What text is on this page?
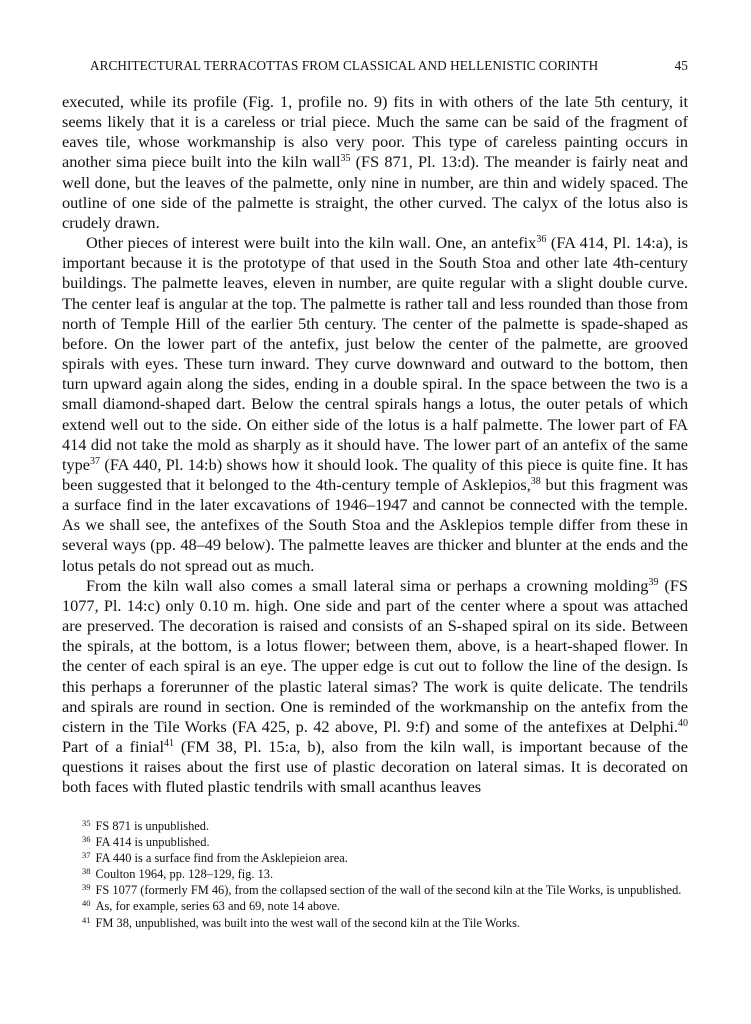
ARCHITECTURAL TERRACOTTAS FROM CLASSICAL AND HELLENISTIC CORINTH	45

executed, while its profile (Fig. 1, profile no. 9) fits in with others of the late 5th century, it seems likely that it is a careless or trial piece. Much the same can be said of the fragment of eaves tile, whose workmanship is also very poor. This type of careless painting occurs in another sima piece built into the kiln wall$^{35}$ (FS 871, Pl. 13:d). The meander is fairly neat and well done, but the leaves of the palmette, only nine in number, are thin and widely spaced. The outline of one side of the palmette is straight, the other curved. The calyx of the lotus also is crudely drawn.

Other pieces of interest were built into the kiln wall. One, an antefix$^{36}$ (FA 414, Pl. 14:a), is important because it is the prototype of that used in the South Stoa and other late 4th-century buildings. The palmette leaves, eleven in number, are quite regular with a slight double curve. The center leaf is angular at the top. The palmette is rather tall and less rounded than those from north of Temple Hill of the earlier 5th century. The center of the palmette is spade-shaped as before. On the lower part of the antefix, just below the center of the palmette, are grooved spirals with eyes. These turn inward. They curve downward and outward to the bottom, then turn upward again along the sides, ending in a double spiral. In the space between the two is a small diamond-shaped dart. Below the central spirals hangs a lotus, the outer petals of which extend well out to the side. On either side of the lotus is a half palmette. The lower part of FA 414 did not take the mold as sharply as it should have. The lower part of an antefix of the same type$^{37}$ (FA 440, Pl. 14:b) shows how it should look. The quality of this piece is quite fine. It has been suggested that it belonged to the 4th-century temple of Asklepios,$^{38}$ but this fragment was a surface find in the later excavations of 1946–1947 and cannot be connected with the temple. As we shall see, the antefixes of the South Stoa and the Asklepios temple differ from these in several ways (pp. 48–49 below). The palmette leaves are thicker and blunter at the ends and the lotus petals do not spread out as much.

From the kiln wall also comes a small lateral sima or perhaps a crowning molding$^{39}$ (FS 1077, Pl. 14:c) only 0.10 m. high. One side and part of the center where a spout was attached are preserved. The decoration is raised and consists of an S-shaped spiral on its side. Between the spirals, at the bottom, is a lotus flower; between them, above, is a heart-shaped flower. In the center of each spiral is an eye. The upper edge is cut out to follow the line of the design. Is this perhaps a forerunner of the plastic lateral simas? The work is quite delicate. The tendrils and spirals are round in section. One is reminded of the workmanship on the antefix from the cistern in the Tile Works (FA 425, p. 42 above, Pl. 9:f) and some of the antefixes at Delphi.$^{40}$ Part of a finial$^{41}$ (FM 38, Pl. 15:a, b), also from the kiln wall, is important because of the questions it raises about the first use of plastic decoration on lateral simas. It is decorated on both faces with fluted plastic tendrils with small acanthus leaves

$^{35}$ FS 871 is unpublished.

$^{36}$ FA 414 is unpublished.

$^{37}$ FA 440 is a surface find from the Asklepieion area.

$^{38}$ Coulton 1964, pp. 128–129, fig. 13.

$^{39}$ FS 1077 (formerly FM 46), from the collapsed section of the wall of the second kiln at the Tile Works, is unpublished.

$^{40}$ As, for example, series 63 and 69, note 14 above.

$^{41}$ FM 38, unpublished, was built into the west wall of the second kiln at the Tile Works.
